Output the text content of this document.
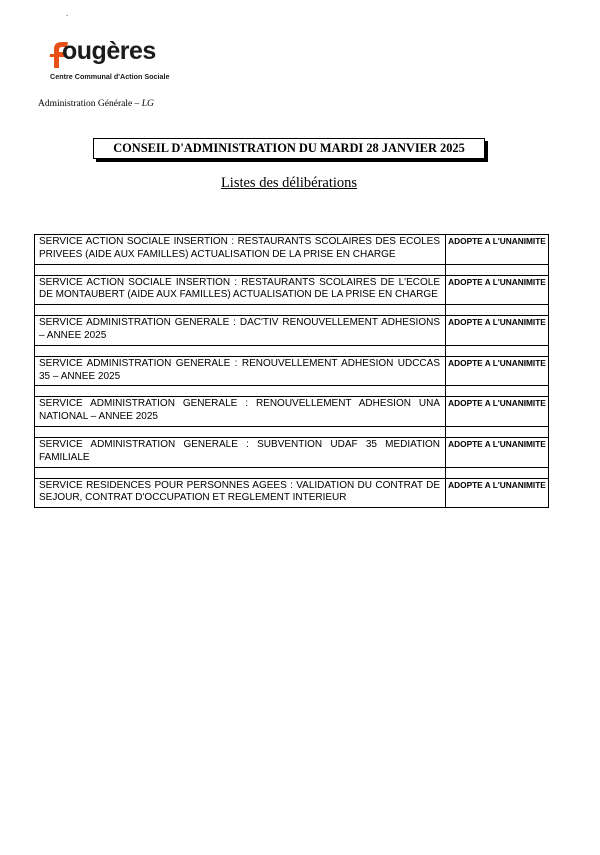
.
ougères
Centre Communal d'Action Sociale
Administration Générale – LG
CONSEIL D'ADMINISTRATION DU MARDI 28 JANVIER 2025
Listes des délibérations
SERVICE ACTION SOCIALE INSERTION : RESTAURANTS SCOLAIRES DES ECOLES PRIVEES (AIDE AUX FAMILLES) ACTUALISATION DE LA PRISE EN CHARGE	ADOPTE A L'UNANIMITE

SERVICE ACTION SOCIALE INSERTION : RESTAURANTS SCOLAIRES DE L'ECOLE DE MONTAUBERT (AIDE AUX FAMILLES) ACTUALISATION DE LA PRISE EN CHARGE	ADOPTE A L'UNANIMITE

SERVICE ADMINISTRATION GENERALE : DAC'TIV RENOUVELLEMENT ADHESIONS – ANNEE 2025	ADOPTE A L'UNANIMITE

SERVICE ADMINISTRATION GENERALE : RENOUVELLEMENT ADHESION UDCCAS 35 – ANNEE 2025	ADOPTE A L'UNANIMITE

SERVICE ADMINISTRATION GENERALE : RENOUVELLEMENT ADHESION UNA NATIONAL – ANNEE 2025	ADOPTE A L'UNANIMITE

SERVICE ADMINISTRATION GENERALE : SUBVENTION UDAF 35 MEDIATION FAMILIALE	ADOPTE A L'UNANIMITE

SERVICE RESIDENCES POUR PERSONNES AGEES : VALIDATION DU CONTRAT DE SEJOUR, CONTRAT D'OCCUPATION ET REGLEMENT INTERIEUR	ADOPTE A L'UNANIMITE
